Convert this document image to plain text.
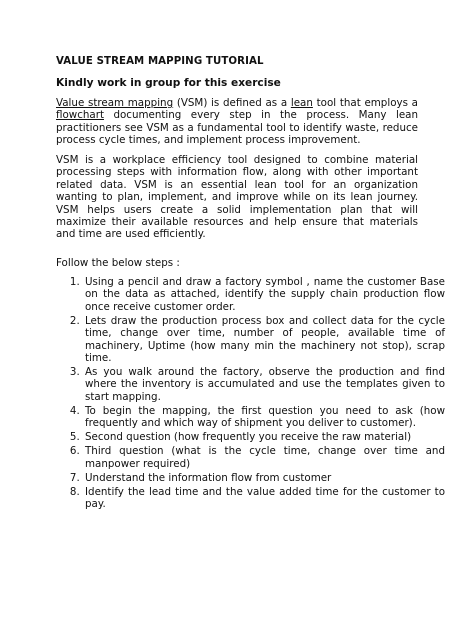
VALUE STREAM MAPPING TUTORIAL
Kindly work in group for this exercise
Value stream mapping (VSM) is defined as a lean tool that employs a flowchart documenting every step in the process. Many lean practitioners see VSM as a fundamental tool to identify waste, reduce process cycle times, and implement process improvement.
VSM is a workplace efficiency tool designed to combine material processing steps with information flow, along with other important related data. VSM is an essential lean tool for an organization wanting to plan, implement, and improve while on its lean journey. VSM helps users create a solid implementation plan that will maximize their available resources and help ensure that materials and time are used efficiently.
Follow the below steps :
1. Using a pencil and draw a factory symbol , name the customer Base on the data as attached, identify the supply chain production flow once receive customer order.
2. Lets draw the production process box and collect data for the cycle time, change over time, number of people, available time of machinery, Uptime (how many min the machinery not stop), scrap time.
3. As you walk around the factory, observe the production and find where the inventory is accumulated and use the templates given to start mapping.
4. To begin the mapping, the first question you need to ask (how frequently and which way of shipment you deliver to customer).
5. Second question (how frequently you receive the raw material)
6. Third question (what is the cycle time, change over time and manpower required)
7. Understand the information flow from customer
8. Identify the lead time and the value added time for the customer to pay.
